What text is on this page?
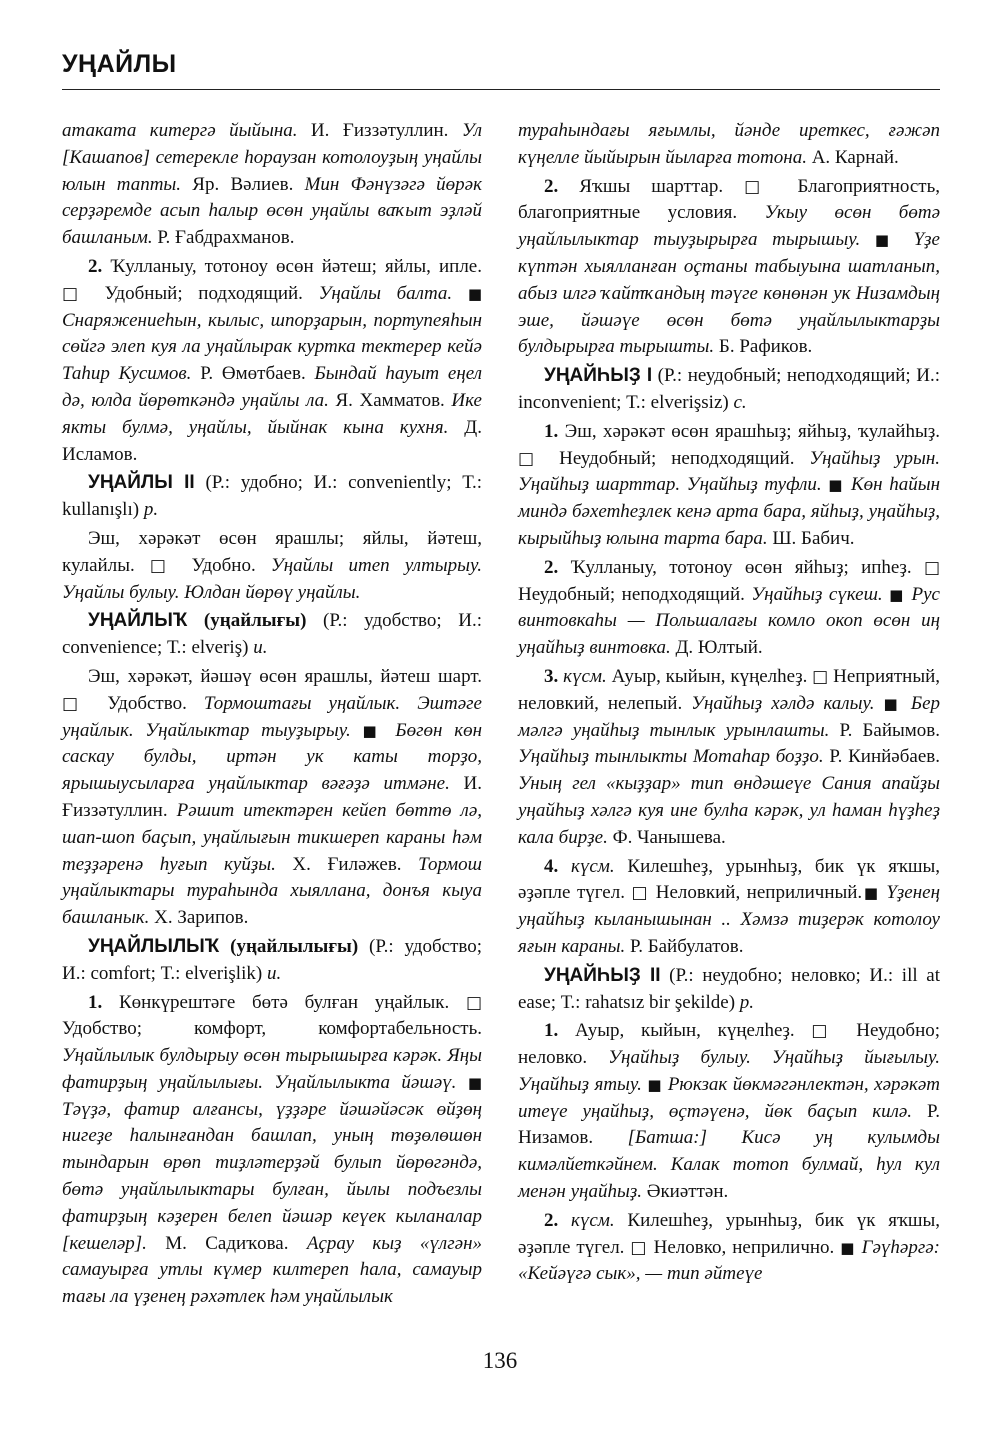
УҢАЙЛЫ

атаката китергә йыйына. И. Ғиззәтуллин. Ул [Кашапов] сетерекле һораузан котолоуҙың уңайлы юлын тапты. Яр. Вәлиев. Мин Фәнүзәгә йөрәк серҙәремде асып һалыр өсөн уңайлы ваҡыт эҙләй башланым. Р. Ғабдрахманов.

2. Ҡулланыу, тотоноу өсөн йәтеш; яйлы, ипле. □ Удобный; подходящий. Уңайлы балта. ■ Снаряжениеһын, кылыс, шпорҙарын, портупеяһын сөйгә элеп куя ла уңайлырак куртка тектерер кейә Таһир Кусимов. Р. Өмөтбаев. Бындай һауыт еңел дә, юлда йөрөткәндә уңайлы ла. Я. Хамматов. Ике якты булмә, уңайлы, йыйнак кына кухня. Д. Исламов.

УҢАЙЛЫ II (Р.: удобно; И.: conveniently; Т.: kullanışlı) р.

Эш, хәрәкәт өсөн ярашлы; яйлы, йәтеш, кулайлы. □ Удобно. Уңайлы итеп ултырыу. Уңайлы булыу. Юлдан йөрөү уңайлы.

УҢАЙЛЫҠ (уңайлығы) (Р.: удобство; И.: convenience; Т.: elveriş) и.

Эш, хәрәкәт, йәшәү өсөн ярашлы, йәтеш шарт. □ Удобство. Тормоштағы уңайлык. Эштәге уңайлык. Уңайлыктар тыуҙырыу. ■ Бөгөн көн саскау булды, иртән ук каты торҙо, ярышыусыларға уңайлыктар вәғәҙә итмәне. И. Ғиззәтуллин. Рәшит итектәрен кейеп бөттө лә, шап-шоп баҫып, уңайлығын тикшереп караны һәм теҙҙәренә һуғып куйҙы. Х. Ғиләжев. Тормош уңайлыктары тураһында хыяллана, донъя кыуа башланык. Х. Зарипов.

УҢАЙЛЫЛЫҠ (уңайлылығы) (Р.: удобство; И.: comfort; Т.: elverişlik) и.

1. Көнкүрештәге бөтә булған уңайлык. □ Удобство; комфорт, комфортабельность. Уңайлылык булдырыу өсөн тырышырға кәрәк. Яңы фатирҙың уңайлылығы. Уңайлылыкта йәшәү. ■ Тәүҙә, фатир алғансы, үҙҙәре йәшәйәсәк өйҙөң нигеҙе һалынғандан башлап, уның төҙөлөшөн тындарын өрөп тиҙләтерҙәй булып йөрөгәндә, бөтә уңайлылыктары булған, йылы подъезлы фатирҙың кәҙерен белеп йәшәр кеүек кыланалар [кешеләр]. М. Садиҡова. Аҫрау кыҙ «үлгән» самауырға утлы күмер килтереп һала, самауыр тағы ла үҙенең рәхәтлек һәм уңайлылык

тураһындағы яғымлы, йәнде иреткес, ғәжәп күңелле йыйырын йыларға тотона. А. Карнай.

2. Яҡшы шарттар. □ Благоприятность, благоприятные условия. Укыу өсөн бөтә уңайлылыктар тыуҙырырға тырышыу. ■ Үҙе күптән хыялланған оҫтаны табыуына шатланып, абыз илгә ҡайтҡандың тәүге көнөнән ук Низамдың эше, йәшәүе өсөн бөтә уңайлылыктарҙы булдырырға тырышты. Б. Рафиков.

УҢАЙҺЫҘ I (Р.: неудобный; неподходящий; И.: inconvenient; Т.: elverişsiz) с.

1. Эш, хәрәкәт өсөн ярашһыҙ; яйһыҙ, ҡулайһыҙ. □ Неудобный; неподходящий. Уңайһыҙ урын. Уңайһыҙ шарттар. Уңайһыҙ туфли. ■ Көн һайын миндә бәхетһеҙлек кенә арта бара, яйһыҙ, уңайһыҙ, кырыйһыҙ юлына тарта бара. Ш. Бабич.

2. Ҡулланыу, тотоноу өсөн яйһыҙ; ипһеҙ. □ Неудобный; неподходящий. Уңайһыҙ сүкеш. ■ Рус винтовкаһы — Польшалағы комло окоп өсөн иң уңайһыҙ винтовка. Д. Юлтый.

3. күсм. Ауыр, кыйын, күңелһеҙ. □ Неприятный, неловкий, нелепый. Уңайһыҙ хәлдә калыу. ■ Бер мәлгә уңайһыҙ тынлык урынлашты. Р. Байымов. Уңайһыҙ тынлыкты Мотаһар боҙҙо. Р. Кинйәбаев. Уның гел «кыҙҙар» тип өндәшеүе Сания апайҙы уңайһыҙ хәлгә куя ине булһа кәрәк, ул һаман һүҙһеҙ кала бирҙе. Ф. Чанышева.

4. күсм. Килешһеҙ, урынһыҙ, бик үк яҡшы, әҙәпле түгел. □ Неловкий, неприличный.■ Үҙенең уңайһыҙ кыланышынан .. Хәмзә тиҙерәк котолоу яғын караны. Р. Байбулатов.

УҢАЙҺЫҘ II (Р.: неудобно; неловко; И.: ill at ease; Т.: rahatsız bir şekilde) р.

1. Ауыр, кыйын, күңелһеҙ. □ Неудобно; неловко. Уңайһыҙ булыу. Уңайһыҙ йығылыу. Уңайһыҙ ятыу. ■ Рюкзак йөкмәгәнлектән, хәрәкәт итеүе уңайһыҙ, өҫтәүенә, йөк баҫып килә. Р. Низамов. [Батша:] Кисә уң кулымды кимәлйеткәйнем. Калак тотоп булмай, һул кул менән уңайһыҙ. Әкиәттән.

2. күсм. Килешһеҙ, урынһыҙ, бик үк яҡшы, әҙәпле түгел. □ Неловко, неприлично. ■ Гәүһәргә: «Кейәүгә сык», — тип әйтеүе

136
